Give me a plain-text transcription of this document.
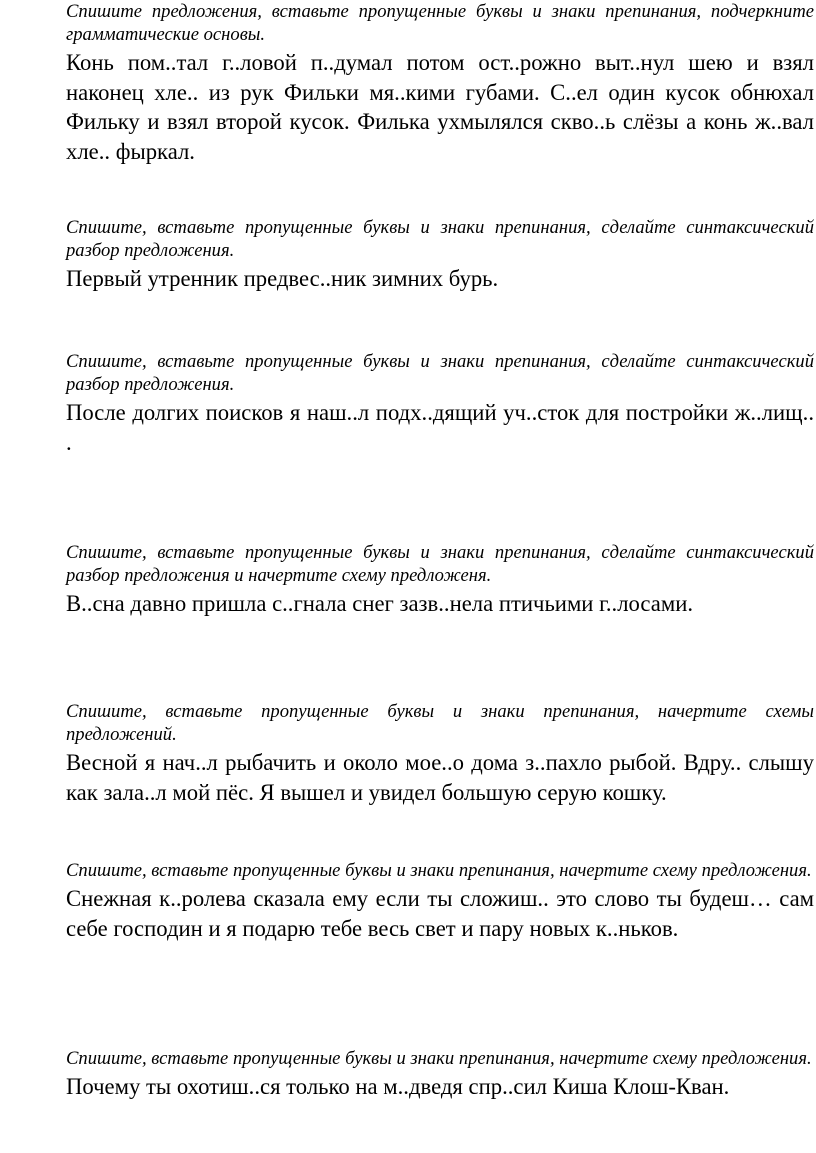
Спишите предложения, вставьте пропущенные буквы и знаки препинания, подчеркните грамматические основы.

Конь пом..тал г..ловой п..думал потом ост..рожно выт..нул шею и взял наконец хле.. из рук Фильки мя..кими губами. С..ел один кусок обнюхал Фильку и взял второй кусок. Филька ухмылялся скво..ь слёзы а конь ж..вал хле.. фыркал.

Спишите, вставьте пропущенные буквы и знаки препинания, сделайте синтаксический разбор предложения.

Первый утренник предвес..ник зимних бурь.

Спишите, вставьте пропущенные буквы и знаки препинания, сделайте синтаксический разбор предложения.

После долгих поисков я наш..л подх..дящий уч..сток для постройки ж..лищ.. .

Спишите, вставьте пропущенные буквы и знаки препинания, сделайте синтаксический разбор предложения и начертите схему предложеня.

В..сна давно пришла с..гнала снег зазв..нела птичьими г..лосами.

Спишите, вставьте пропущенные буквы и знаки препинания, начертите схемы предложений.

Весной я нач..л рыбачить и около мое..о дома з..пахло рыбой. Вдру.. слышу как зала..л мой пёс. Я вышел и увидел большую серую кошку.

Спишите, вставьте пропущенные буквы и знаки препинания, начертите схему предложения.

Снежная к..ролева сказала ему если ты сложиш.. это слово ты будеш… сам себе господин и я подарю тебе весь свет и пару новых к..ньков.

Спишите, вставьте пропущенные буквы и знаки препинания, начертите схему предложения.

Почему ты охотиш..ся только на м..дведя спр..сил Киша Клош-Кван.
